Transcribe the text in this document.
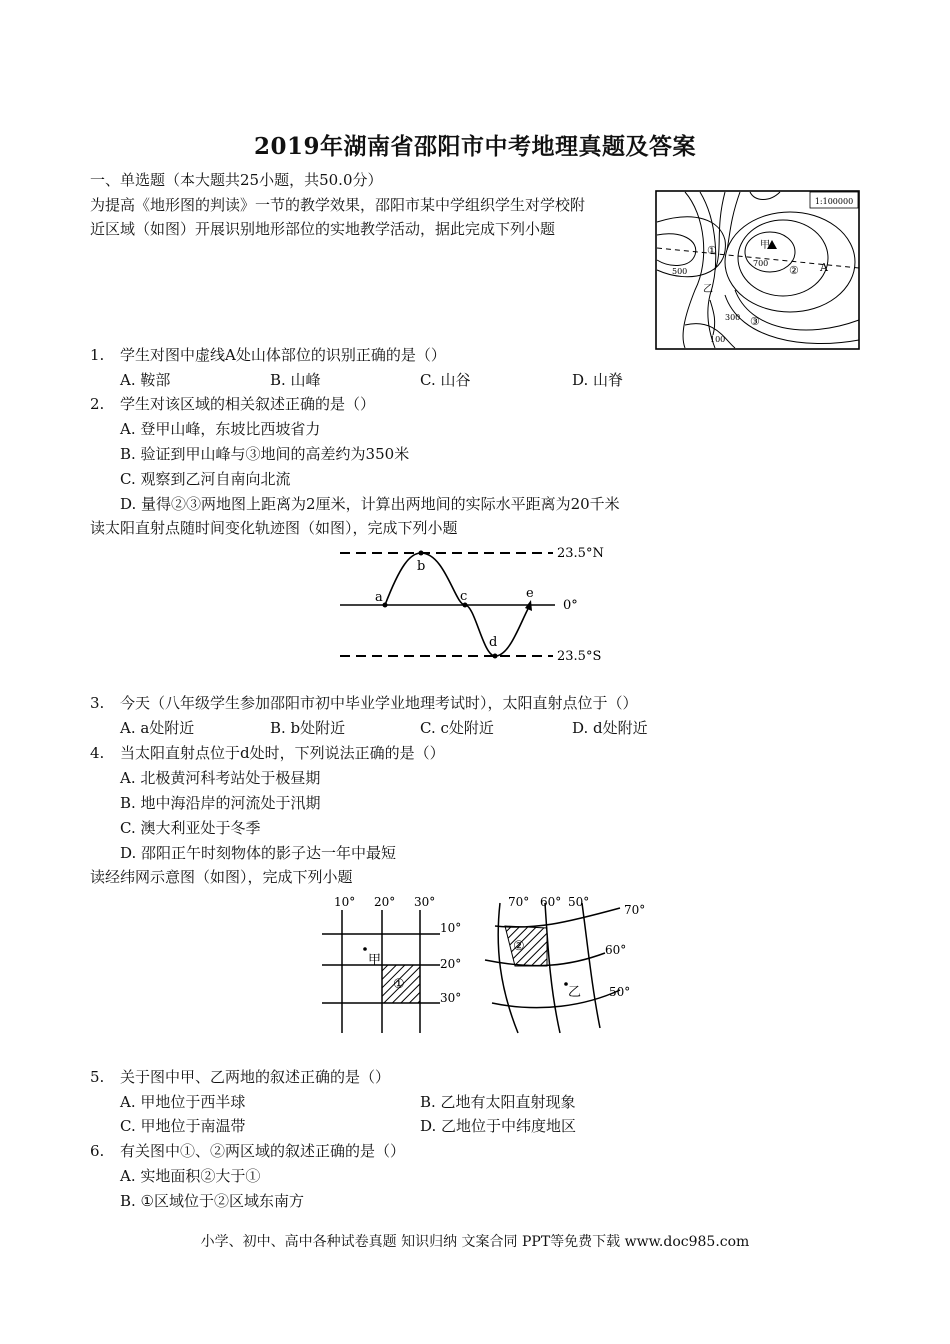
2019年湖南省邵阳市中考地理真题及答案
一、单选题（本大题共25小题，共50.0分）
为提高《地形图的判读》一节的教学效果，邵阳市某中学组织学生对学校附
近区域（如图）开展识别地形部位的实地教学活动，据此完成下列小题
1:100000
甲
700
② A
①
500
乙
300 ③
100
1. 学生对图中虚线A处山体部位的识别正确的是（）
A. 鞍部	B. 山峰	C. 山谷	D. 山脊
2. 学生对该区域的相关叙述正确的是（）
A. 登甲山峰，东坡比西坡省力
B. 验证到甲山峰与③地间的高差约为350米
C. 观察到乙河自南向北流
D. 量得②③两地图上距离为2厘米，计算出两地间的实际水平距离为20千米
读太阳直射点随时间变化轨迹图（如图），完成下列小题
23.5°N
0°
23.5°S
a
b
c
d
e
3. 今天（八年级学生参加邵阳市初中毕业学业地理考试时），太阳直射点位于（）
A. a处附近	B. b处附近	C. c处附近	D. d处附近
4. 当太阳直射点位于d处时，下列说法正确的是（）
A. 北极黄河科考站处于极昼期
B. 地中海沿岸的河流处于汛期
C. 澳大利亚处于冬季
D. 邵阳正午时刻物体的影子达一年中最短
读经纬网示意图（如图），完成下列小题
10° 20° 30°
10°
20°
30°
甲
①
70° 60° 50°
70°
60°
50°
②
乙
5. 关于图中甲、乙两地的叙述正确的是（）
A. 甲地位于西半球	B. 乙地有太阳直射现象
C. 甲地位于南温带	D. 乙地位于中纬度地区
6. 有关图中①、②两区域的叙述正确的是（）
A. 实地面积②大于①
B. ①区域位于②区域东南方
小学、初中、高中各种试卷真题 知识归纳 文案合同 PPT等免费下载 www.doc985.com
